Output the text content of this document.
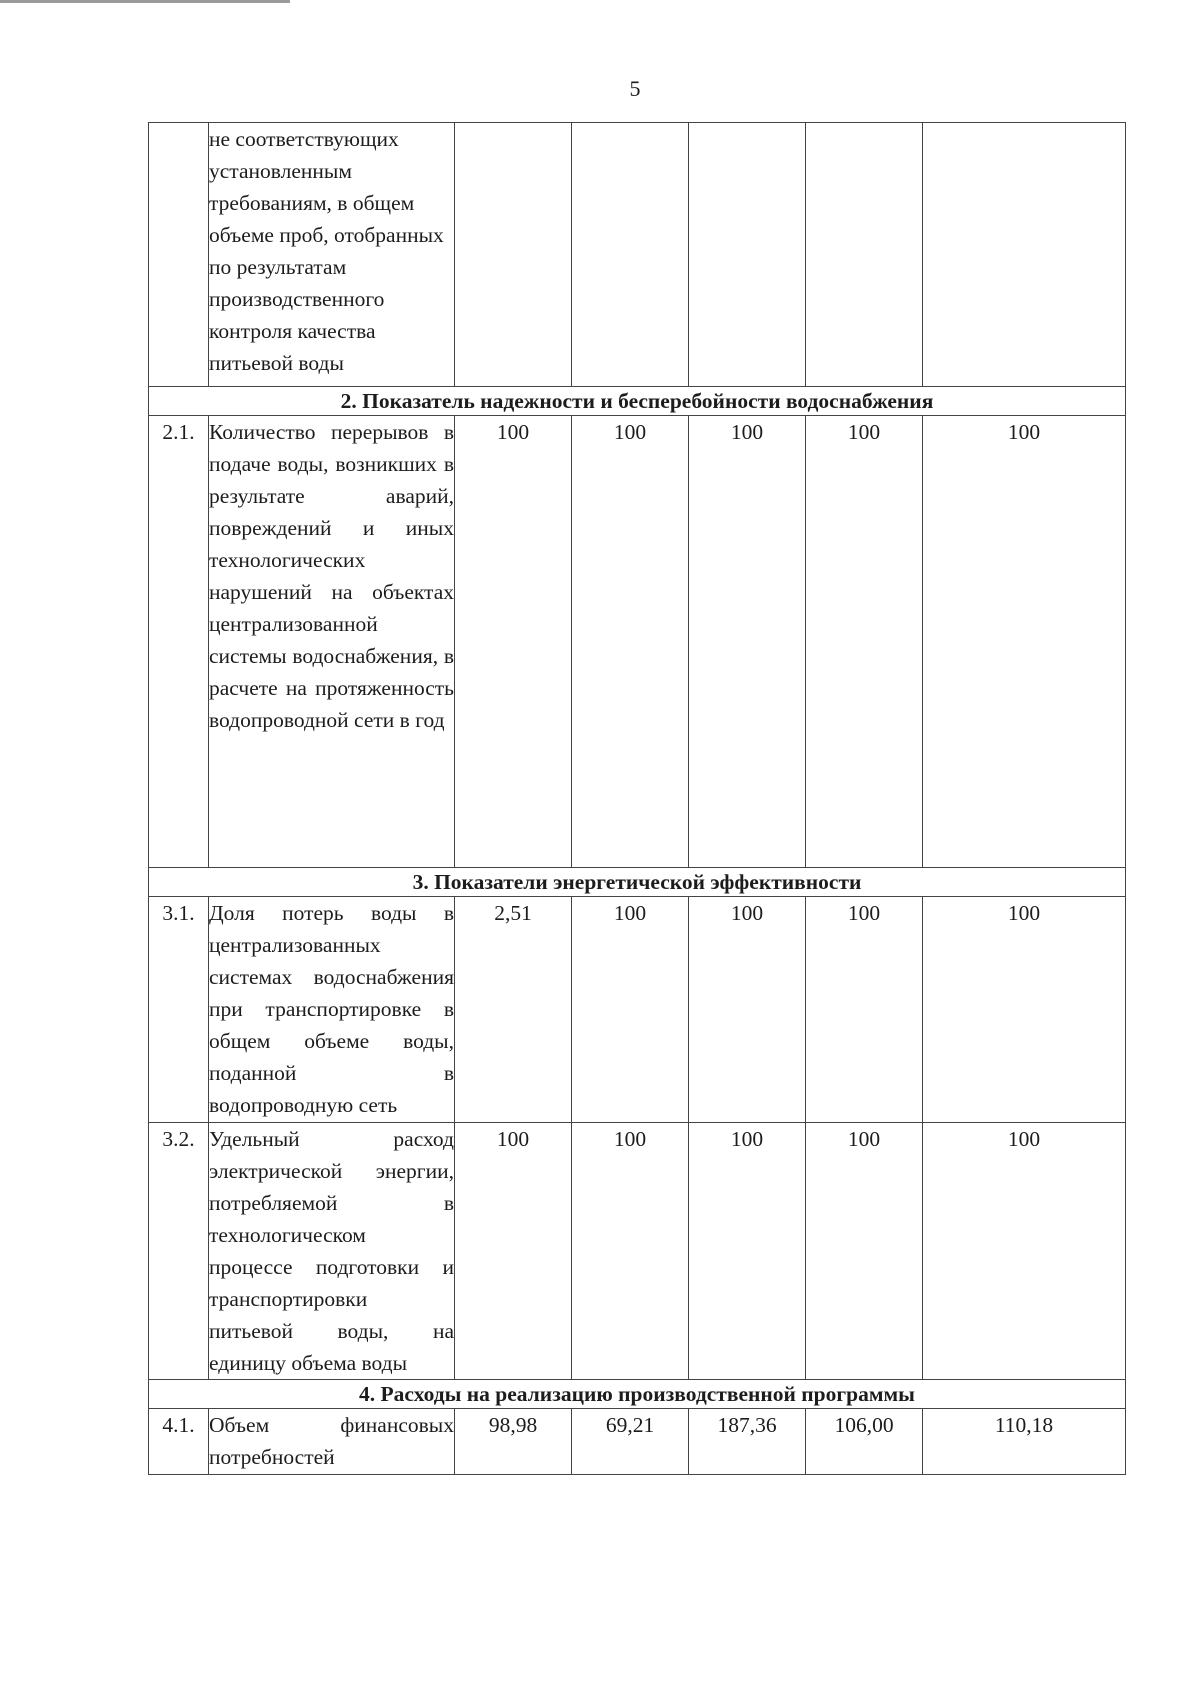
5
	не соответствующих установленным требованиям, в общем объеме проб, отобранных по результатам производственного контроля качества питьевой воды					
2. Показатель надежности и бесперебойности водоснабжения						
2.1.	Количество перерывов в подаче воды, возникших в результате аварий, повреждений и иных технологических нарушений на объектах централизованной системы водоснабжения, в расчете на протяженность водопроводной сети в год	100	100	100	100	100
3. Показатели энергетической эффективности						
3.1.	Доля потерь воды в централизованных системах водоснабжения при транспортировке в общем объеме воды, поданной в водопроводную сеть	2,51	100	100	100	100
3.2.	Удельный расход электрической энергии, потребляемой в технологическом процессе подготовки и транспортировки питьевой воды, на единицу объема воды	100	100	100	100	100
4. Расходы на реализацию производственной программы						
4.1.	Объем финансовых потребностей	98,98	69,21	187,36	106,00	110,18
